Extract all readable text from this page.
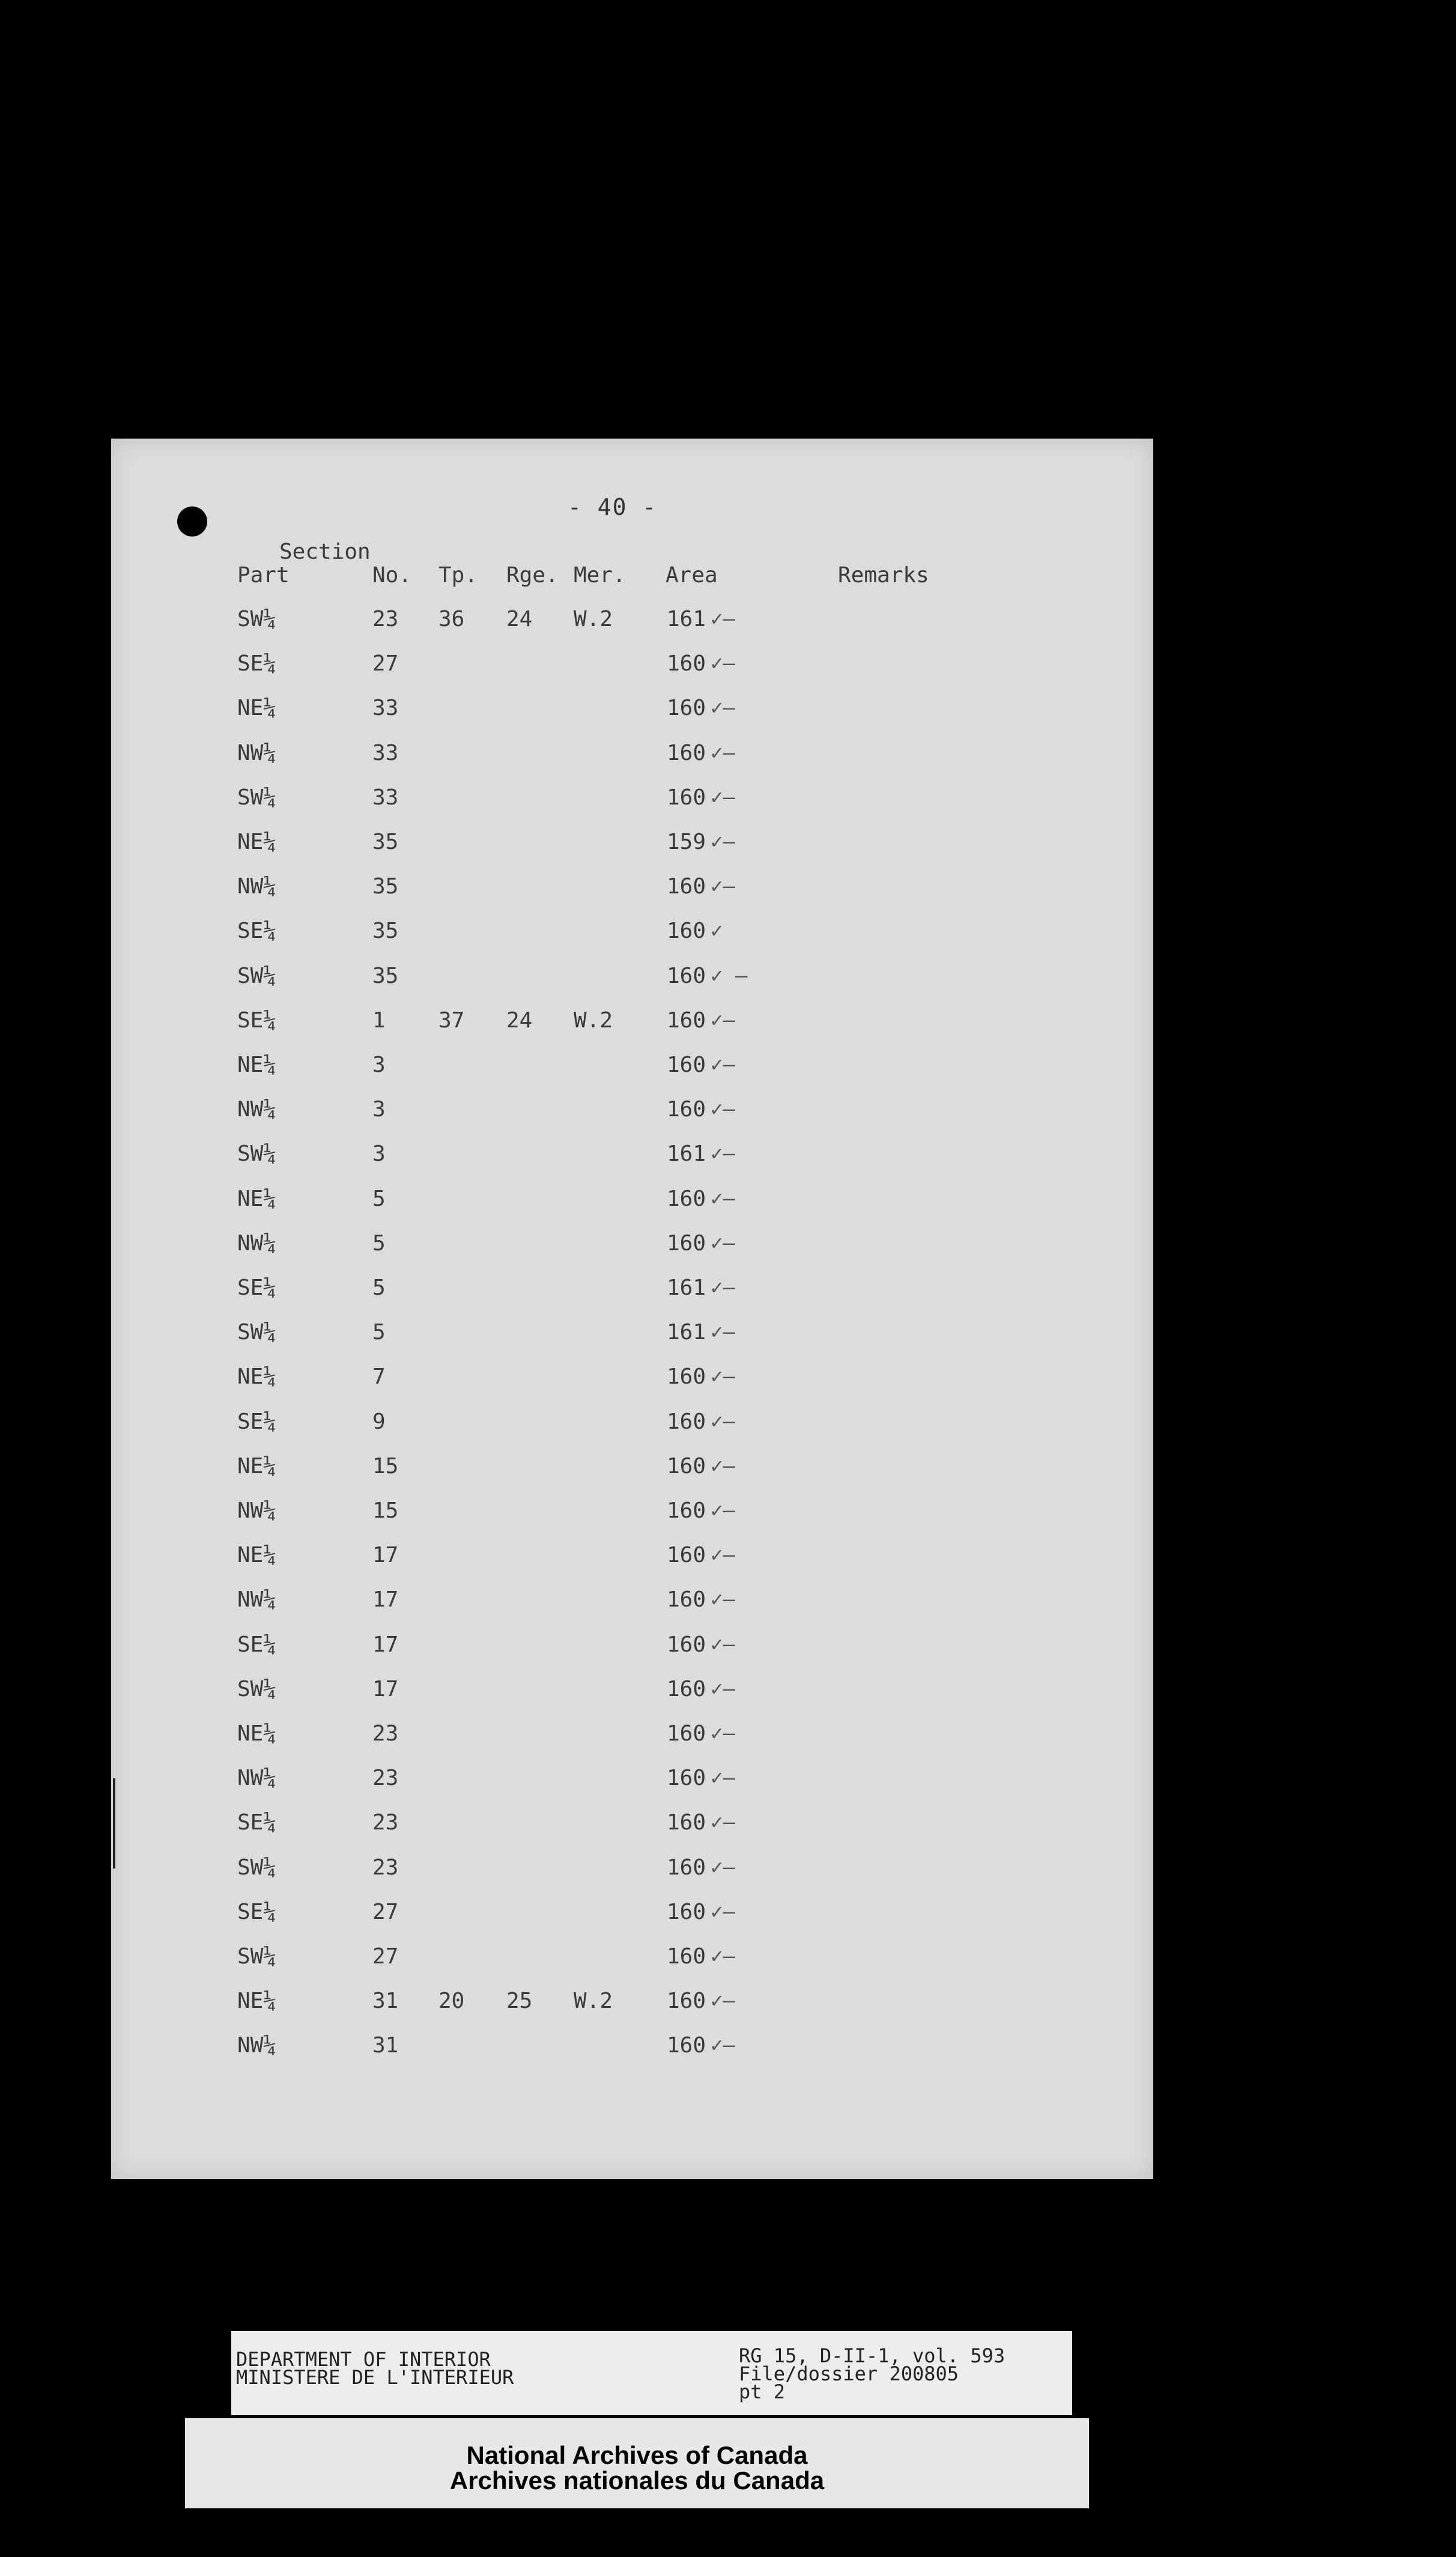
- 40 -
Section
Part	No. Tp. Rge. Mer. Area	Remarks
SW¼	23 36 24 W.2 161 ✓—
SE¼	27	160 ✓—
NE¼	33	160 ✓—
NW¼	33	160 ✓—
SW¼	33	160 ✓—
NE¼	35	159 ✓—
NW¼	35	160 ✓—
SE¼	35	160 ✓
SW¼	35	160 ✓ —
SE¼	1 37 24 W.2 160 ✓—
NE¼	3	160 ✓—
NW¼	3	160 ✓—
SW¼	3	161 ✓—
NE¼	5	160 ✓—
NW¼	5	160 ✓—
SE¼	5	161 ✓—
SW¼	5	161 ✓—
NE¼	7	160 ✓—
SE¼	9	160 ✓—
NE¼	15	160 ✓—
NW¼	15	160 ✓—
NE¼	17	160 ✓—
NW¼	17	160 ✓—
SE¼	17	160 ✓—
SW¼	17	160 ✓—
NE¼	23	160 ✓—
NW¼	23	160 ✓—
SE¼	23	160 ✓—
SW¼	23	160 ✓—
SE¼	27	160 ✓—
SW¼	27	160 ✓—
NE¼	31 20 25 W.2 160 ✓—
NW¼	31	160 ✓—
DEPARTMENT OF INTERIOR
MINISTERE DE L'INTERIEUR
RG 15, D-II-1, vol. 593
File/dossier 200805
pt 2
National Archives of Canada
Archives nationales du Canada
